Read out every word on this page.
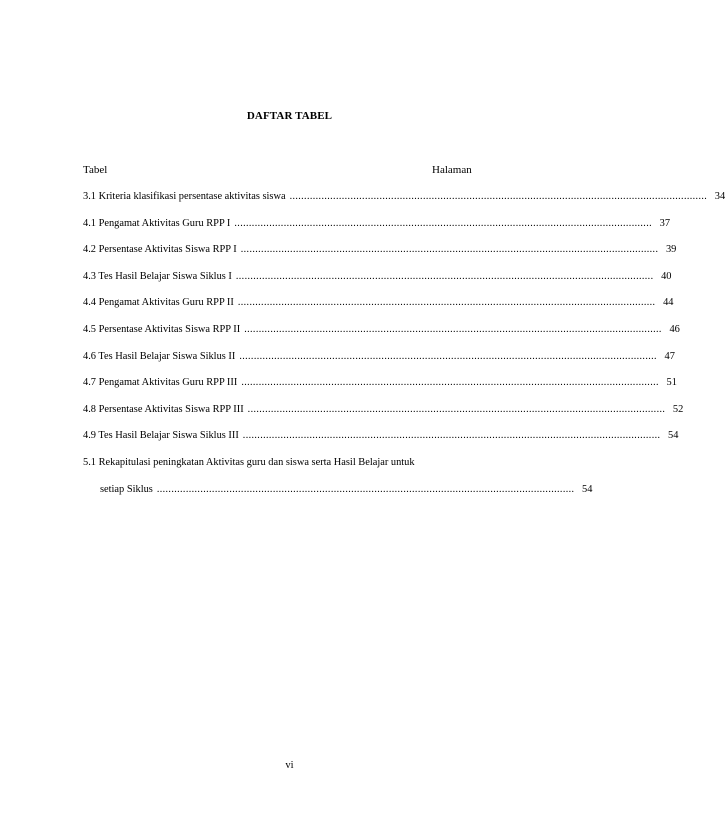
DAFTAR TABEL
Tabel	Halaman
3.1 Kriteria klasifikasi persentase aktivitas siswa ................................................................................................................................................ 34
4.1 Pengamat Aktivitas Guru RPP I ................................................................................................................................................ 37
4.2 Persentase Aktivitas Siswa RPP I ................................................................................................................................................ 39
4.3 Tes Hasil Belajar Siswa Siklus I ................................................................................................................................................ 40
4.4 Pengamat Aktivitas Guru RPP II ................................................................................................................................................ 44
4.5 Persentase Aktivitas Siswa RPP II ................................................................................................................................................ 46
4.6 Tes Hasil Belajar Siswa Siklus II ................................................................................................................................................ 47
4.7 Pengamat Aktivitas Guru RPP III ................................................................................................................................................ 51
4.8 Persentase Aktivitas Siswa RPP III ................................................................................................................................................ 52
4.9 Tes Hasil Belajar Siswa Siklus III ................................................................................................................................................ 54
5.1 Rekapitulasi peningkatan Aktivitas guru dan siswa serta Hasil Belajar untuk
setiap Siklus ................................................................................................................................................ 54
vi
